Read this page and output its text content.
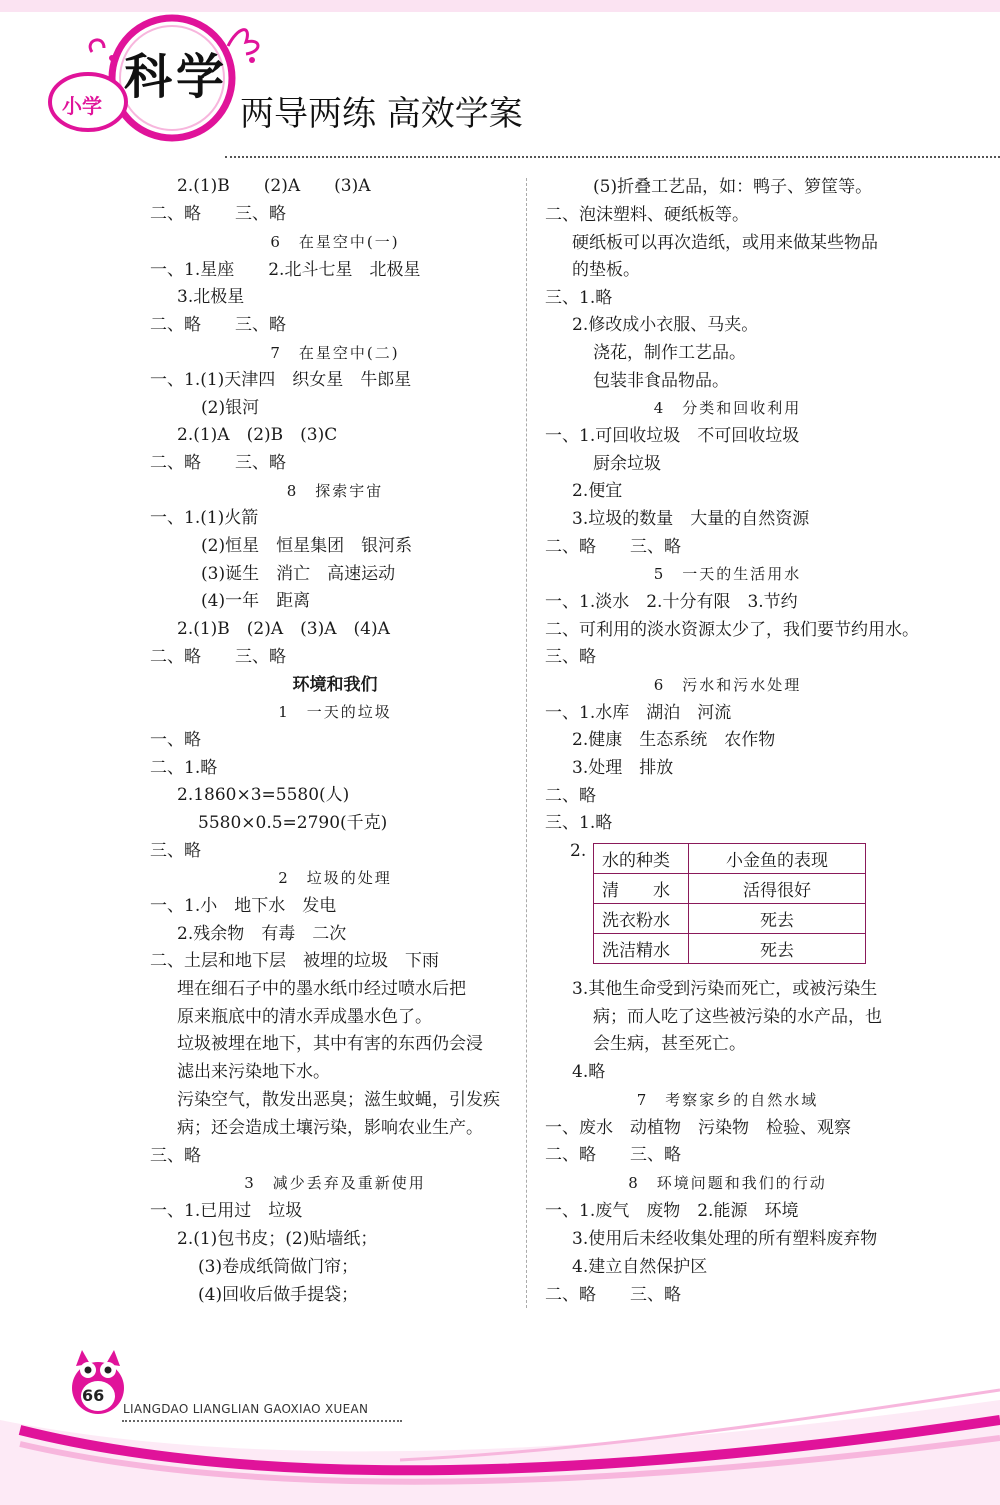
小学
科学
两导两练 高效学案
2.(1)B　　(2)A　　(3)A
二、略　　三、略
6　在星空中(一)
一、1.星座　　2.北斗七星　北极星
3.北极星
二、略　　三、略
7　在星空中(二)
一、1.(1)天津四　织女星　牛郎星
(2)银河
2.(1)A　(2)B　(3)C
二、略　　三、略
8　探索宇宙
一、1.(1)火箭
(2)恒星　恒星集团　银河系
(3)诞生　消亡　高速运动
(4)一年　距离
2.(1)B　(2)A　(3)A　(4)A
二、略　　三、略
环境和我们
1　一天的垃圾
一、略
二、1.略
2.1860×3=5580(人)
5580×0.5=2790(千克)
三、略
2　垃圾的处理
一、1.小　地下水　发电
2.残余物　有毒　二次
二、土层和地下层　被埋的垃圾　下雨
埋在细石子中的墨水纸巾经过喷水后把
原来瓶底中的清水弄成墨水色了。
垃圾被埋在地下，其中有害的东西仍会浸
滤出来污染地下水。
污染空气，散发出恶臭；滋生蚊蝇，引发疾
病；还会造成土壤污染，影响农业生产。
三、略
3　减少丢弃及重新使用
一、1.已用过　垃圾
2.(1)包书皮；(2)贴墙纸；
(3)卷成纸筒做门帘；
(4)回收后做手提袋；
(5)折叠工艺品，如：鸭子、箩筐等。
二、泡沫塑料、硬纸板等。
硬纸板可以再次造纸，或用来做某些物品
的垫板。
三、1.略
2.修改成小衣服、马夹。
浇花，制作工艺品。
包装非食品物品。
4　分类和回收利用
一、1.可回收垃圾　不可回收垃圾
厨余垃圾
2.便宜
3.垃圾的数量　大量的自然资源
二、略　　三、略
5　一天的生活用水
一、1.淡水　2.十分有限　3.节约
二、可利用的淡水资源太少了，我们要节约用水。
三、略
6　污水和污水处理
一、1.水库　湖泊　河流
2.健康　生态系统　农作物
3.处理　排放
二、略
三、1.略
2. 水的种类	小金鱼的表现
清　　水	活得很好
洗衣粉水	死去
洗洁精水	死去
3.其他生命受到污染而死亡，或被污染生
病；而人吃了这些被污染的水产品，也
会生病，甚至死亡。
4.略
7　考察家乡的自然水域
一、废水　动植物　污染物　检验、观察
二、略　　三、略
8　环境问题和我们的行动
一、1.废气　废物　2.能源　环境
3.使用后未经收集处理的所有塑料废弃物
4.建立自然保护区
二、略　　三、略
66
LIANGDAO LIANGLIAN GAOXIAO XUEAN
